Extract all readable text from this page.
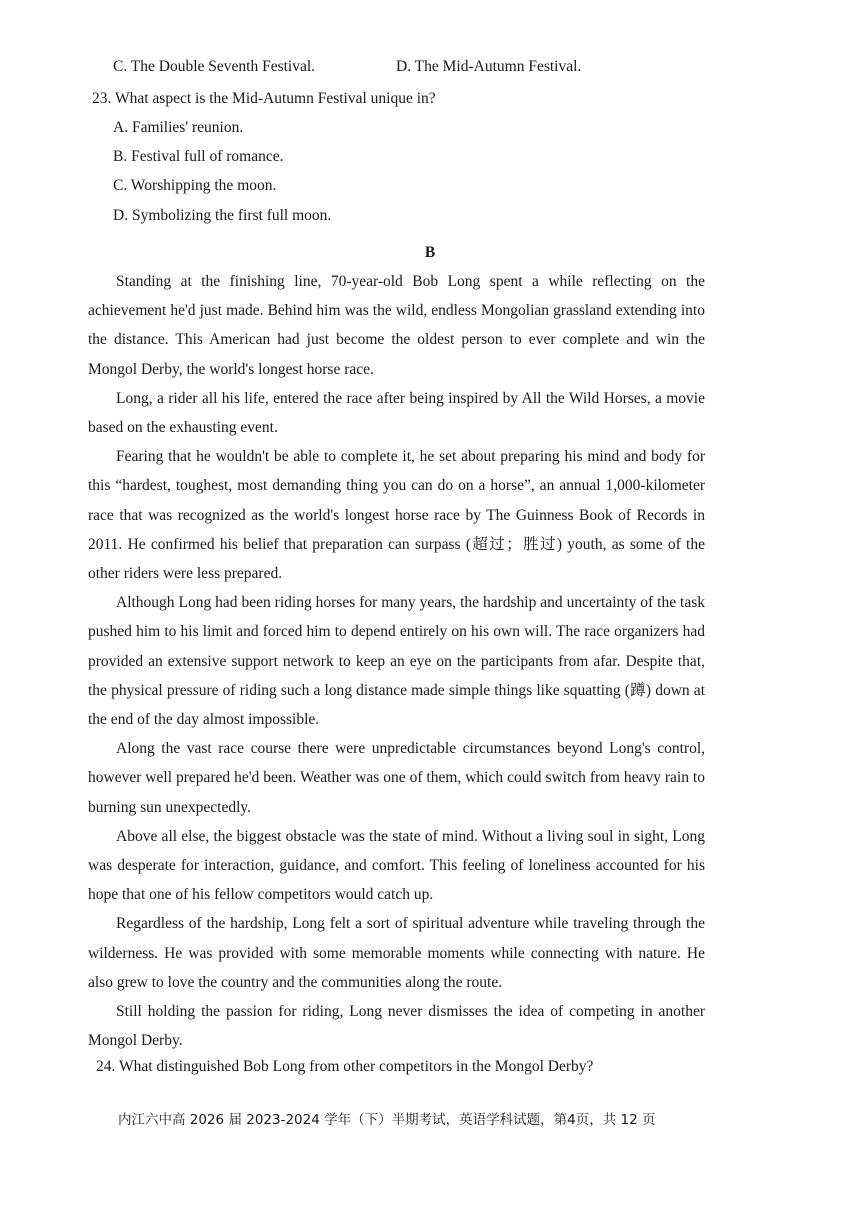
C. The Double Seventh Festival.	D. The Mid-Autumn Festival.
23. What aspect is the Mid-Autumn Festival unique in?
A. Families' reunion.
B. Festival full of romance.
C. Worshipping the moon.
D. Symbolizing the first full moon.
B

Standing at the finishing line, 70-year-old Bob Long spent a while reflecting on the achievement he'd just made. Behind him was the wild, endless Mongolian grassland extending into the distance. This American had just become the oldest person to ever complete and win the Mongol Derby, the world's longest horse race.

Long, a rider all his life, entered the race after being inspired by All the Wild Horses, a movie based on the exhausting event.

Fearing that he wouldn't be able to complete it, he set about preparing his mind and body for this “hardest, toughest, most demanding thing you can do on a horse”, an annual 1,000-kilometer race that was recognized as the world's longest horse race by The Guinness Book of Records in 2011. He confirmed his belief that preparation can surpass (超过；胜过) youth, as some of the other riders were less prepared.

Although Long had been riding horses for many years, the hardship and uncertainty of the task pushed him to his limit and forced him to depend entirely on his own will. The race organizers had provided an extensive support network to keep an eye on the participants from afar. Despite that, the physical pressure of riding such a long distance made simple things like squatting (蹲) down at the end of the day almost impossible.

Along the vast race course there were unpredictable circumstances beyond Long's control, however well prepared he'd been. Weather was one of them, which could switch from heavy rain to burning sun unexpectedly.

Above all else, the biggest obstacle was the state of mind. Without a living soul in sight, Long was desperate for interaction, guidance, and comfort. This feeling of loneliness accounted for his hope that one of his fellow competitors would catch up.

Regardless of the hardship, Long felt a sort of spiritual adventure while traveling through the wilderness. He was provided with some memorable moments while connecting with nature. He also grew to love the country and the communities along the route.

Still holding the passion for riding, Long never dismisses the idea of competing in another Mongol Derby.

24. What distinguished Bob Long from other competitors in the Mongol Derby?
内江六中高 2026 届 2023-2024 学年（下）半期考试，英语学科试题，第4页，共 12 页
